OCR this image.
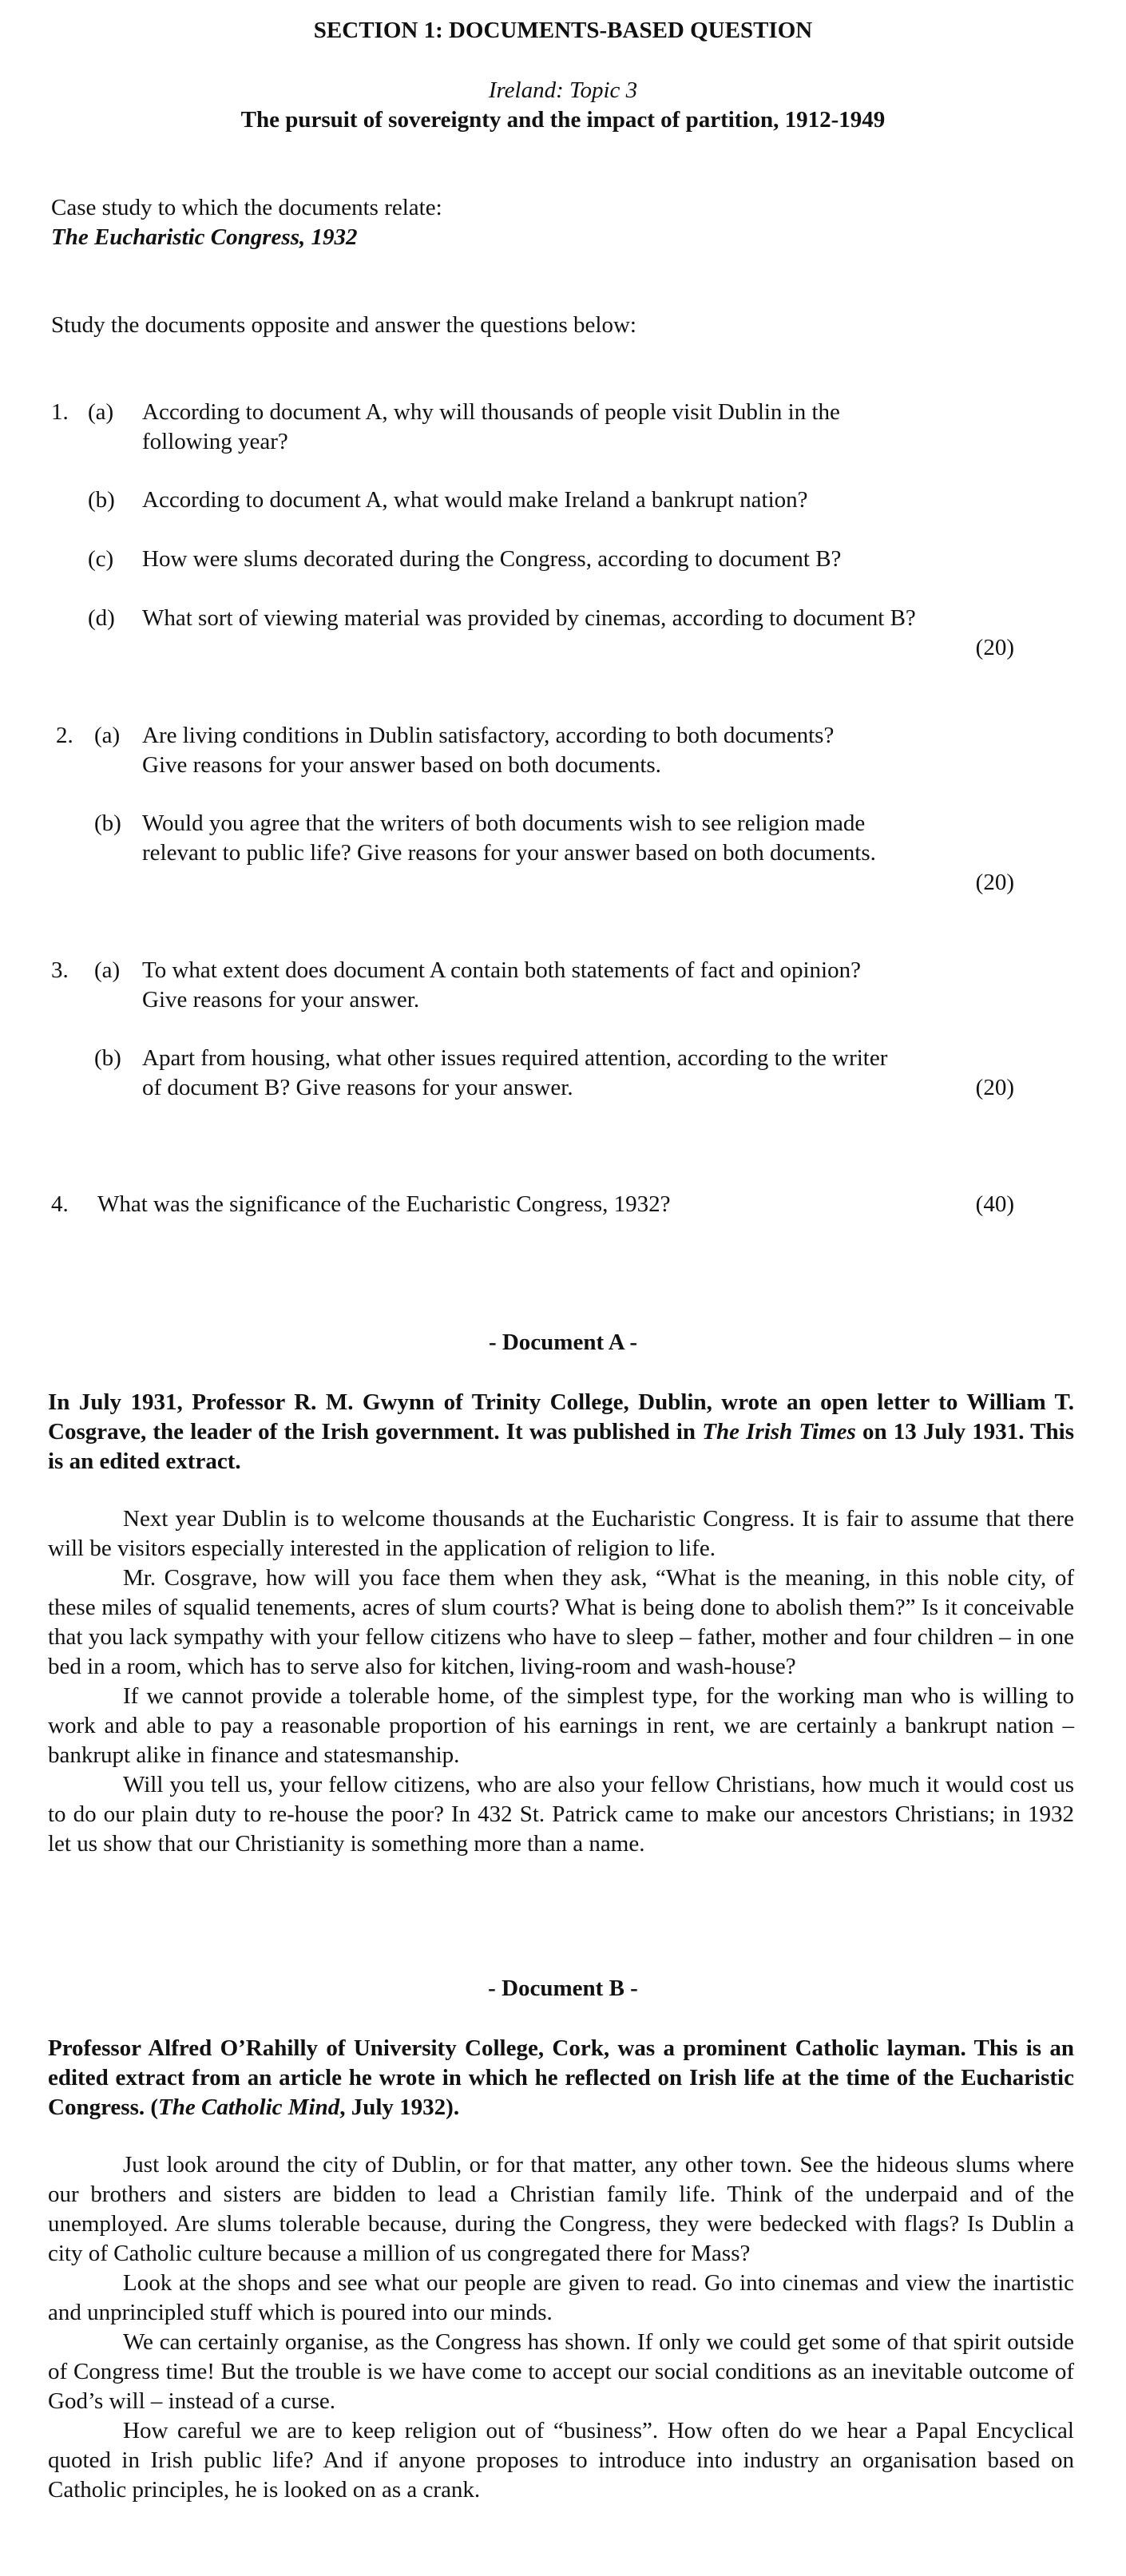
SECTION 1: DOCUMENTS-BASED QUESTION
Ireland: Topic 3
The pursuit of sovereignty and the impact of partition, 1912-1949
Case study to which the documents relate:
The Eucharistic Congress, 1932
Study the documents opposite and answer the questions below:
1. (a) According to document A, why will thousands of people visit Dublin in the
following year?
(b) According to document A, what would make Ireland a bankrupt nation?
(c) How were slums decorated during the Congress, according to document B?
(d) What sort of viewing material was provided by cinemas, according to document B?
(20)
2. (a) Are living conditions in Dublin satisfactory, according to both documents?
Give reasons for your answer based on both documents.
(b) Would you agree that the writers of both documents wish to see religion made
relevant to public life? Give reasons for your answer based on both documents.
(20)
3. (a) To what extent does document A contain both statements of fact and opinion?
Give reasons for your answer.
(b) Apart from housing, what other issues required attention, according to the writer
of document B? Give reasons for your answer.	(20)
4. What was the significance of the Eucharistic Congress, 1932?	(40)
- Document A -
In July 1931, Professor R. M. Gwynn of Trinity College, Dublin, wrote an open letter to William T. Cosgrave, the leader of the Irish government. It was published in The Irish Times on 13 July 1931. This is an edited extract.

Next year Dublin is to welcome thousands at the Eucharistic Congress. It is fair to assume that there will be visitors especially interested in the application of religion to life.

Mr. Cosgrave, how will you face them when they ask, “What is the meaning, in this noble city, of these miles of squalid tenements, acres of slum courts? What is being done to abolish them?” Is it conceivable that you lack sympathy with your fellow citizens who have to sleep – father, mother and four children – in one bed in a room, which has to serve also for kitchen, living-room and wash-house?

If we cannot provide a tolerable home, of the simplest type, for the working man who is willing to work and able to pay a reasonable proportion of his earnings in rent, we are certainly a bankrupt nation – bankrupt alike in finance and statesmanship.

Will you tell us, your fellow citizens, who are also your fellow Christians, how much it would cost us to do our plain duty to re-house the poor? In 432 St. Patrick came to make our ancestors Christians; in 1932 let us show that our Christianity is something more than a name.

- Document B -
Professor Alfred O’Rahilly of University College, Cork, was a prominent Catholic layman. This is an edited extract from an article he wrote in which he reflected on Irish life at the time of the Eucharistic Congress. (The Catholic Mind, July 1932).

Just look around the city of Dublin, or for that matter, any other town. See the hideous slums where our brothers and sisters are bidden to lead a Christian family life. Think of the underpaid and of the unemployed. Are slums tolerable because, during the Congress, they were bedecked with flags? Is Dublin a city of Catholic culture because a million of us congregated there for Mass?

Look at the shops and see what our people are given to read. Go into cinemas and view the inartistic and unprincipled stuff which is poured into our minds.

We can certainly organise, as the Congress has shown. If only we could get some of that spirit outside of Congress time! But the trouble is we have come to accept our social conditions as an inevitable outcome of God’s will – instead of a curse.

How careful we are to keep religion out of “business”. How often do we hear a Papal Encyclical quoted in Irish public life? And if anyone proposes to introduce into industry an organisation based on Catholic principles, he is looked on as a crank.
